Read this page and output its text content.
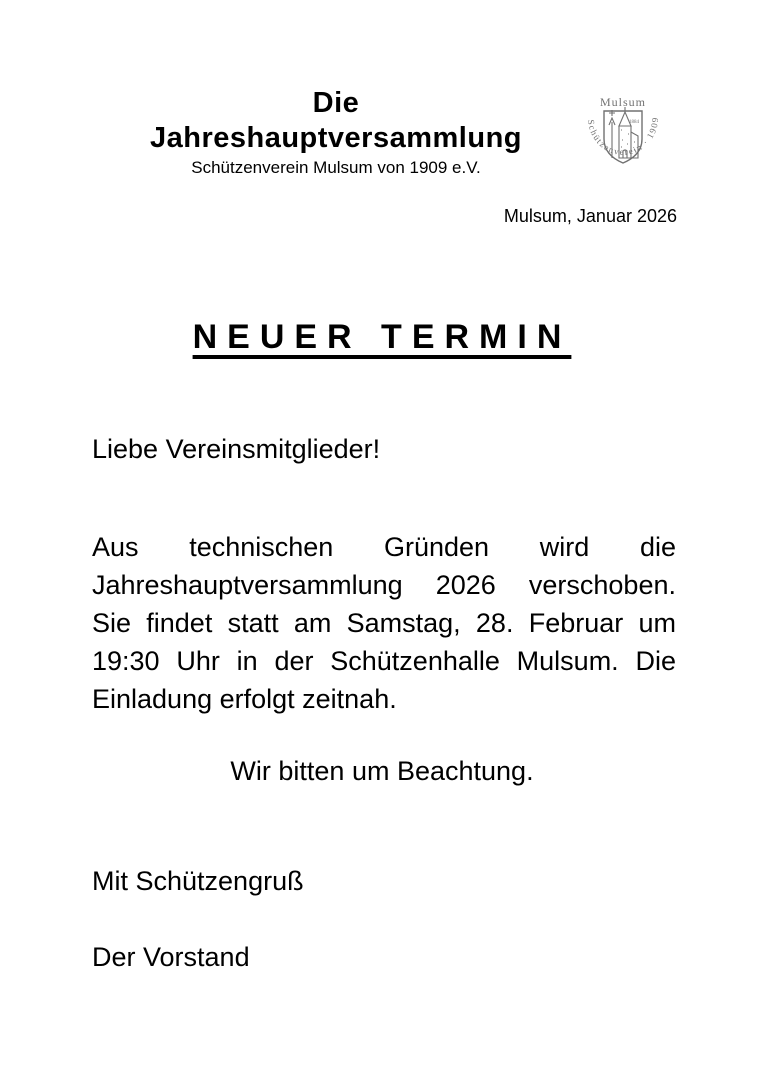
Die
Jahreshauptversammlung
Schützenverein Mulsum von 1909 e.V.
Mulsum
1884
Schützenverein · 1909
Mulsum, Januar 2026
NEUER TERMIN
Liebe Vereinsmitglieder!
Aus technischen Gründen wird die
Jahreshauptversammlung 2026 verschoben.
Sie findet statt am Samstag, 28. Februar um
19:30 Uhr in der Schützenhalle Mulsum. Die
Einladung erfolgt zeitnah.
Wir bitten um Beachtung.
Mit Schützengruß
Der Vorstand
